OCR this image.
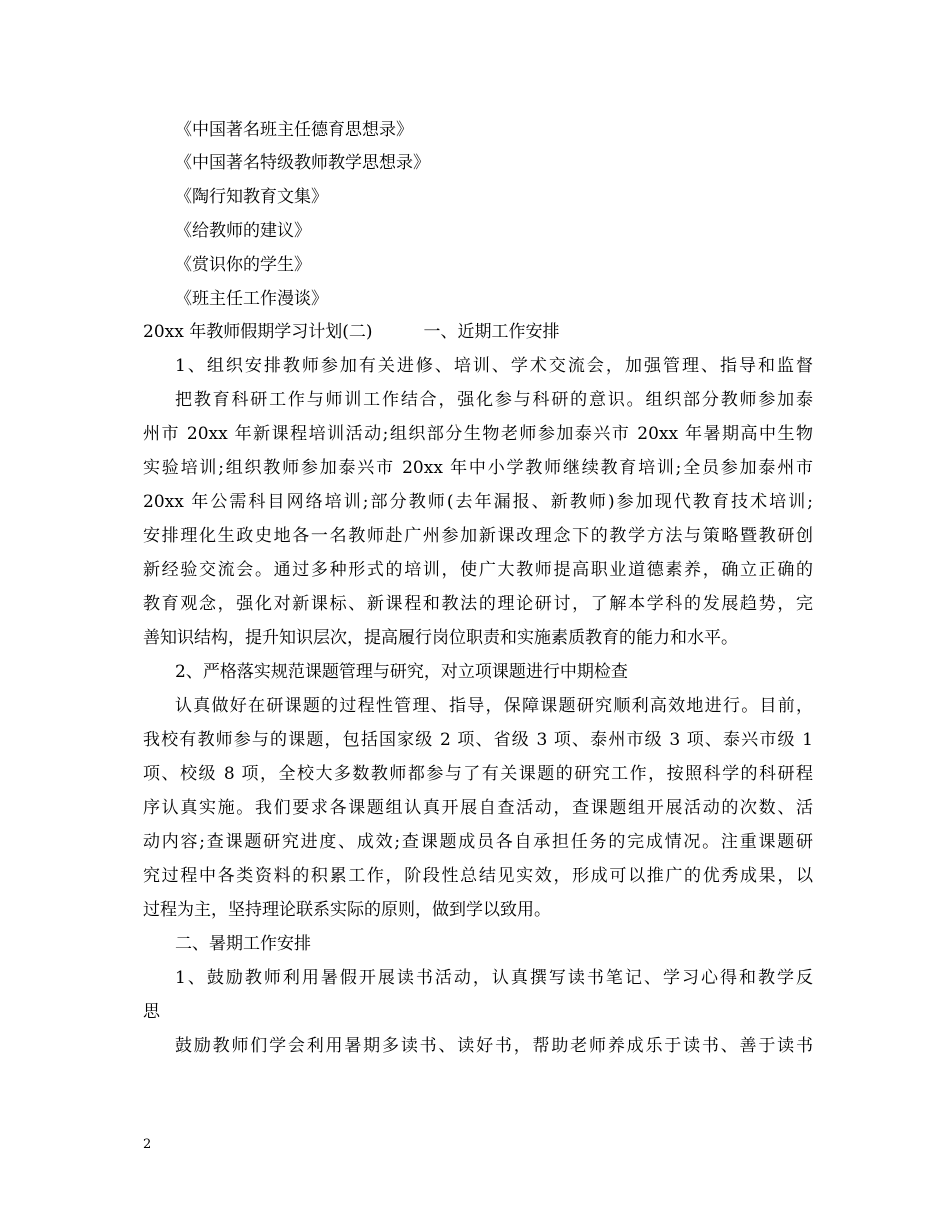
《中国著名班主任德育思想录》
《中国著名特级教师教学思想录》
《陶行知教育文集》
《给教师的建议》
《赏识你的学生》
《班主任工作漫谈》
20xx 年教师假期学习计划(二)　　　一、近期工作安排
1、组织安排教师参加有关进修、培训、学术交流会，加强管理、指导和监督
把教育科研工作与师训工作结合，强化参与科研的意识。组织部分教师参加泰
州市 20xx 年新课程培训活动;组织部分生物老师参加泰兴市 20xx 年暑期高中生物
实验培训;组织教师参加泰兴市 20xx 年中小学教师继续教育培训;全员参加泰州市
20xx 年公需科目网络培训;部分教师(去年漏报、新教师)参加现代教育技术培训;
安排理化生政史地各一名教师赴广州参加新课改理念下的教学方法与策略暨教研创
新经验交流会。通过多种形式的培训，使广大教师提高职业道德素养，确立正确的
教育观念，强化对新课标、新课程和教法的理论研讨，了解本学科的发展趋势，完
善知识结构，提升知识层次，提高履行岗位职责和实施素质教育的能力和水平。
2、严格落实规范课题管理与研究，对立项课题进行中期检查
认真做好在研课题的过程性管理、指导，保障课题研究顺利高效地进行。目前，
我校有教师参与的课题，包括国家级 2 项、省级 3 项、泰州市级 3 项、泰兴市级 1
项、校级 8 项，全校大多数教师都参与了有关课题的研究工作，按照科学的科研程
序认真实施。我们要求各课题组认真开展自查活动，查课题组开展活动的次数、活
动内容;查课题研究进度、成效;查课题成员各自承担任务的完成情况。注重课题研
究过程中各类资料的积累工作，阶段性总结见实效，形成可以推广的优秀成果，以
过程为主，坚持理论联系实际的原则，做到学以致用。
二、暑期工作安排
1、鼓励教师利用暑假开展读书活动，认真撰写读书笔记、学习心得和教学反
思
鼓励教师们学会利用暑期多读书、读好书，帮助老师养成乐于读书、善于读书
2
